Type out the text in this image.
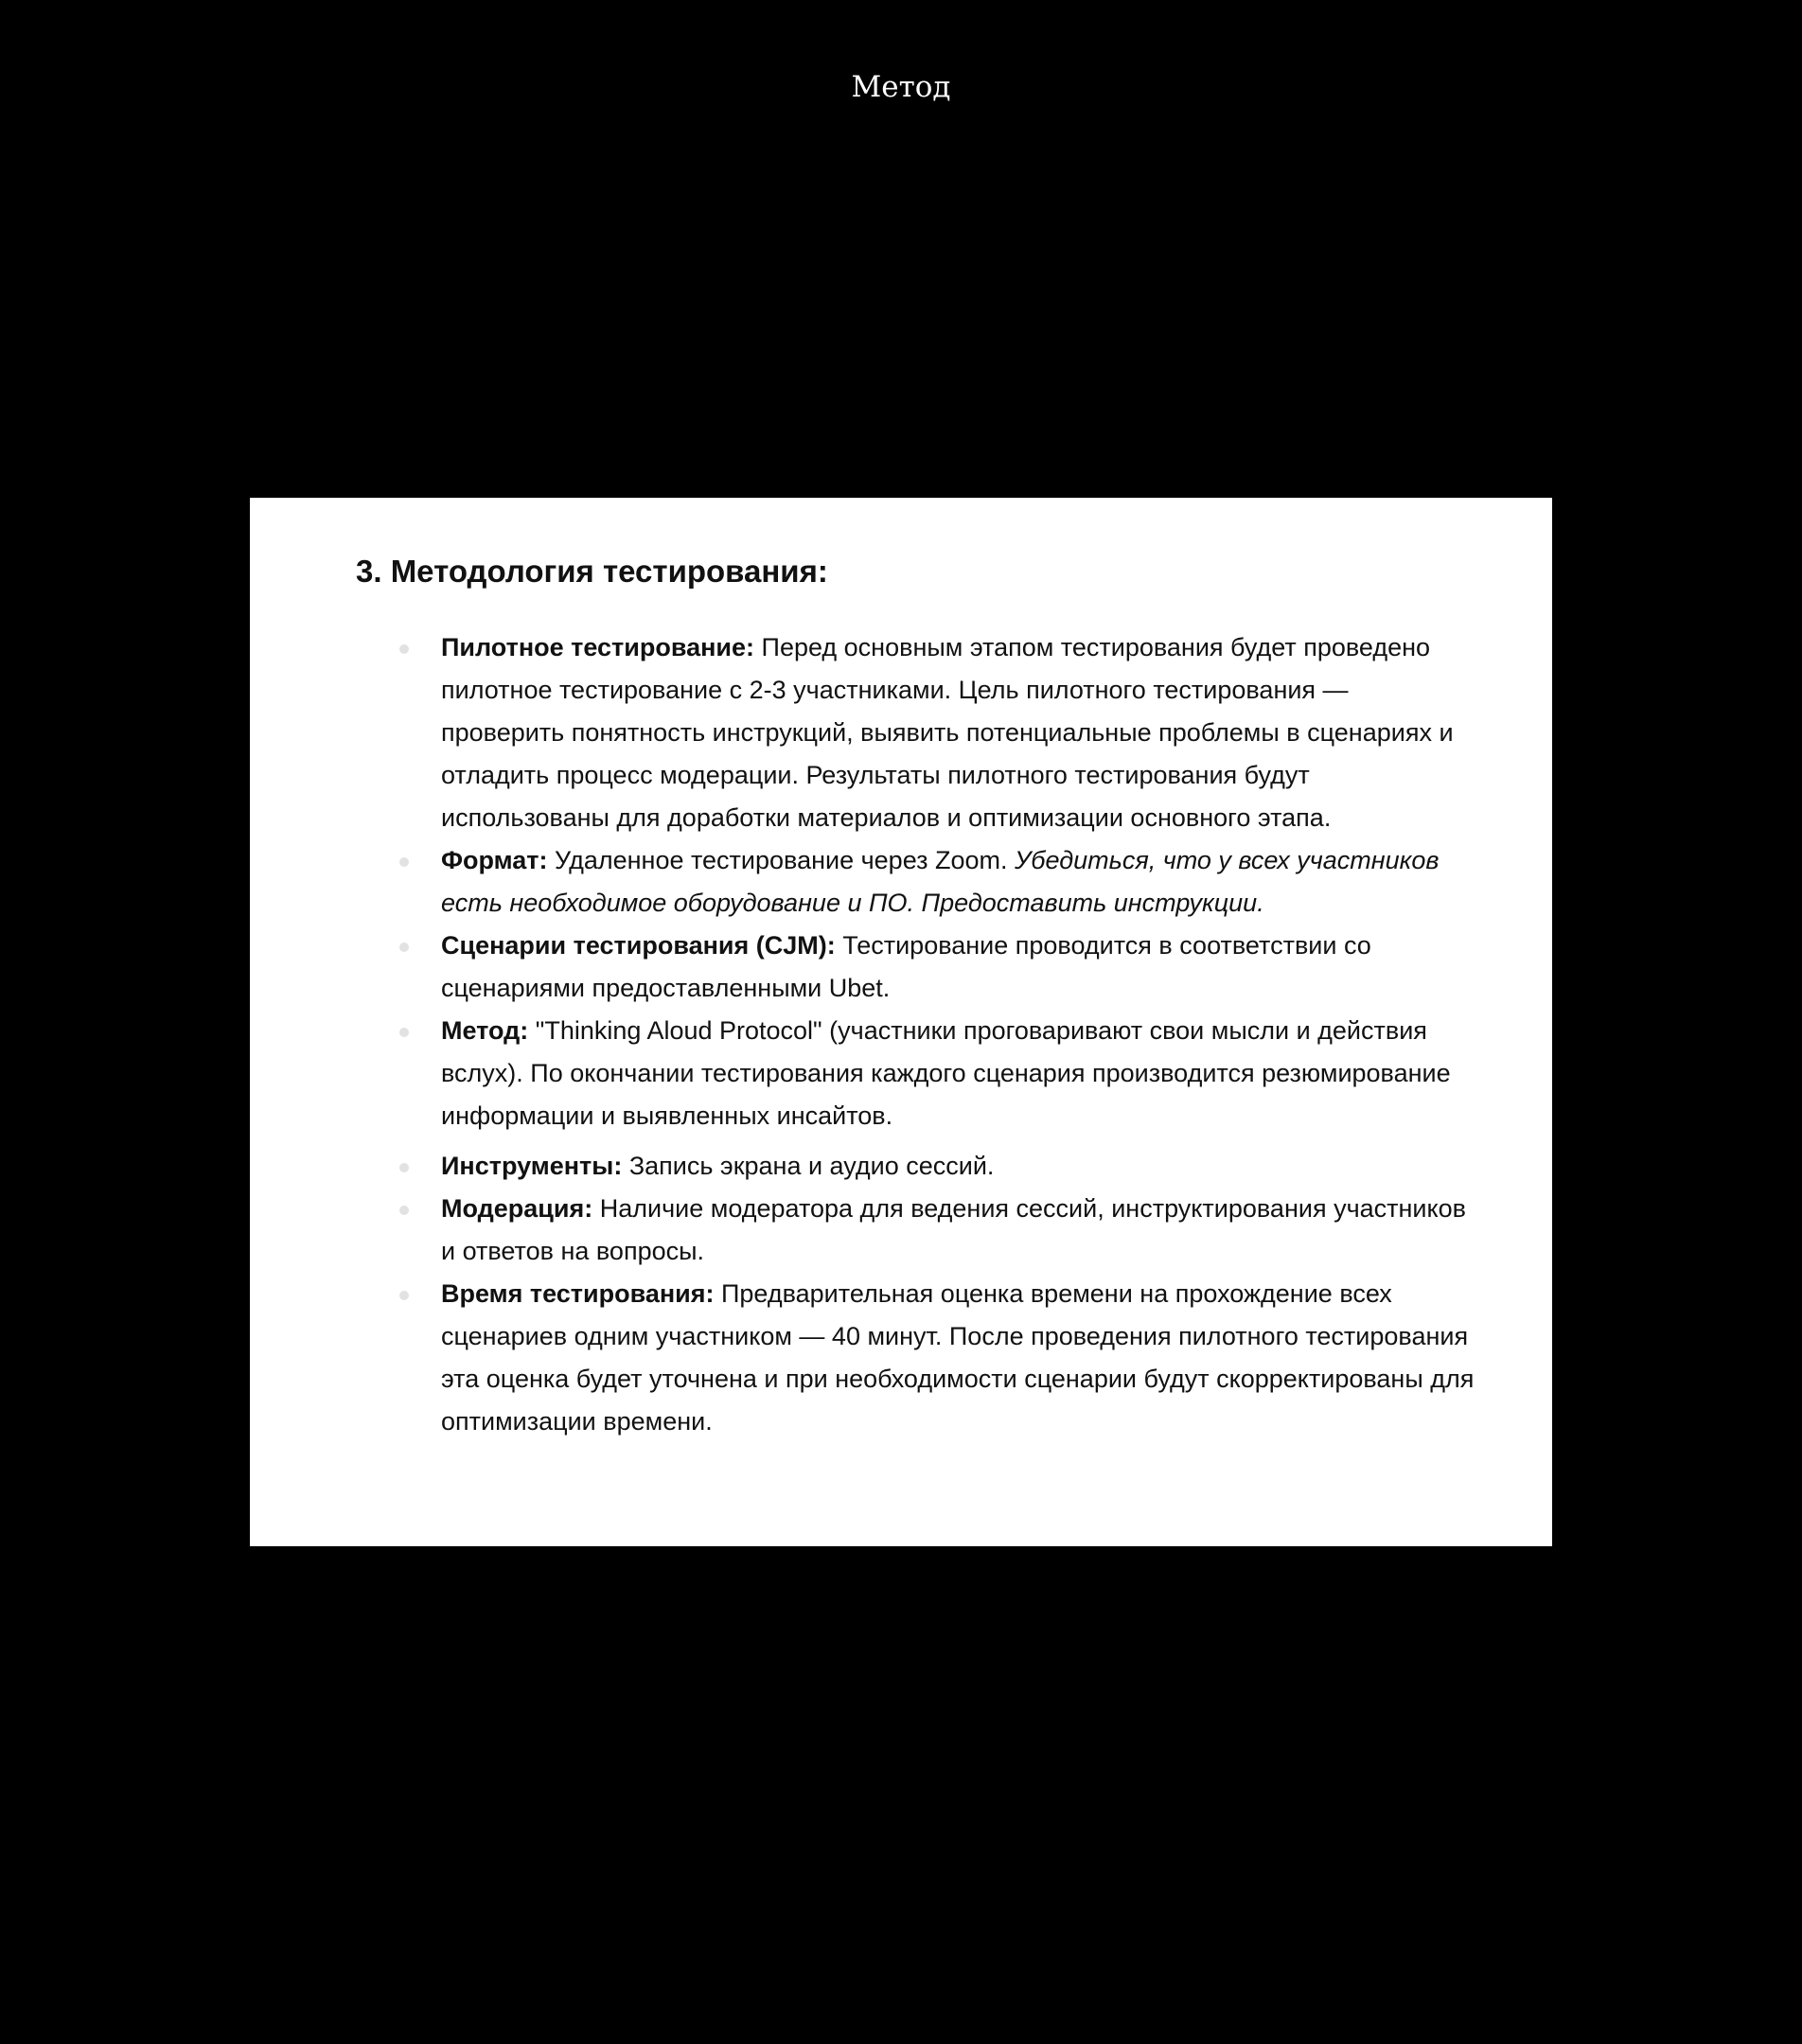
Метод
3. Методология тестирования:
Пилотное тестирование: Перед основным этапом тестирования будет проведено пилотное тестирование с 2-3 участниками. Цель пилотного тестирования — проверить понятность инструкций, выявить потенциальные проблемы в сценариях и отладить процесс модерации. Результаты пилотного тестирования будут использованы для доработки материалов и оптимизации основного этапа.
Формат: Удаленное тестирование через Zoom. Убедиться, что у всех участников есть необходимое оборудование и ПО. Предоставить инструкции.
Сценарии тестирования (CJM): Тестирование проводится в соответствии со сценариями предоставленными Ubet.
Метод: "Thinking Aloud Protocol" (участники проговаривают свои мысли и действия вслух). По окончании тестирования каждого сценария производится резюмирование информации и выявленных инсайтов.
Инструменты: Запись экрана и аудио сессий.
Модерация: Наличие модератора для ведения сессий, инструктирования участников и ответов на вопросы.
Время тестирования: Предварительная оценка времени на прохождение всех сценариев одним участником — 40 минут. После проведения пилотного тестирования эта оценка будет уточнена и при необходимости сценарии будут скорректированы для оптимизации времени.
